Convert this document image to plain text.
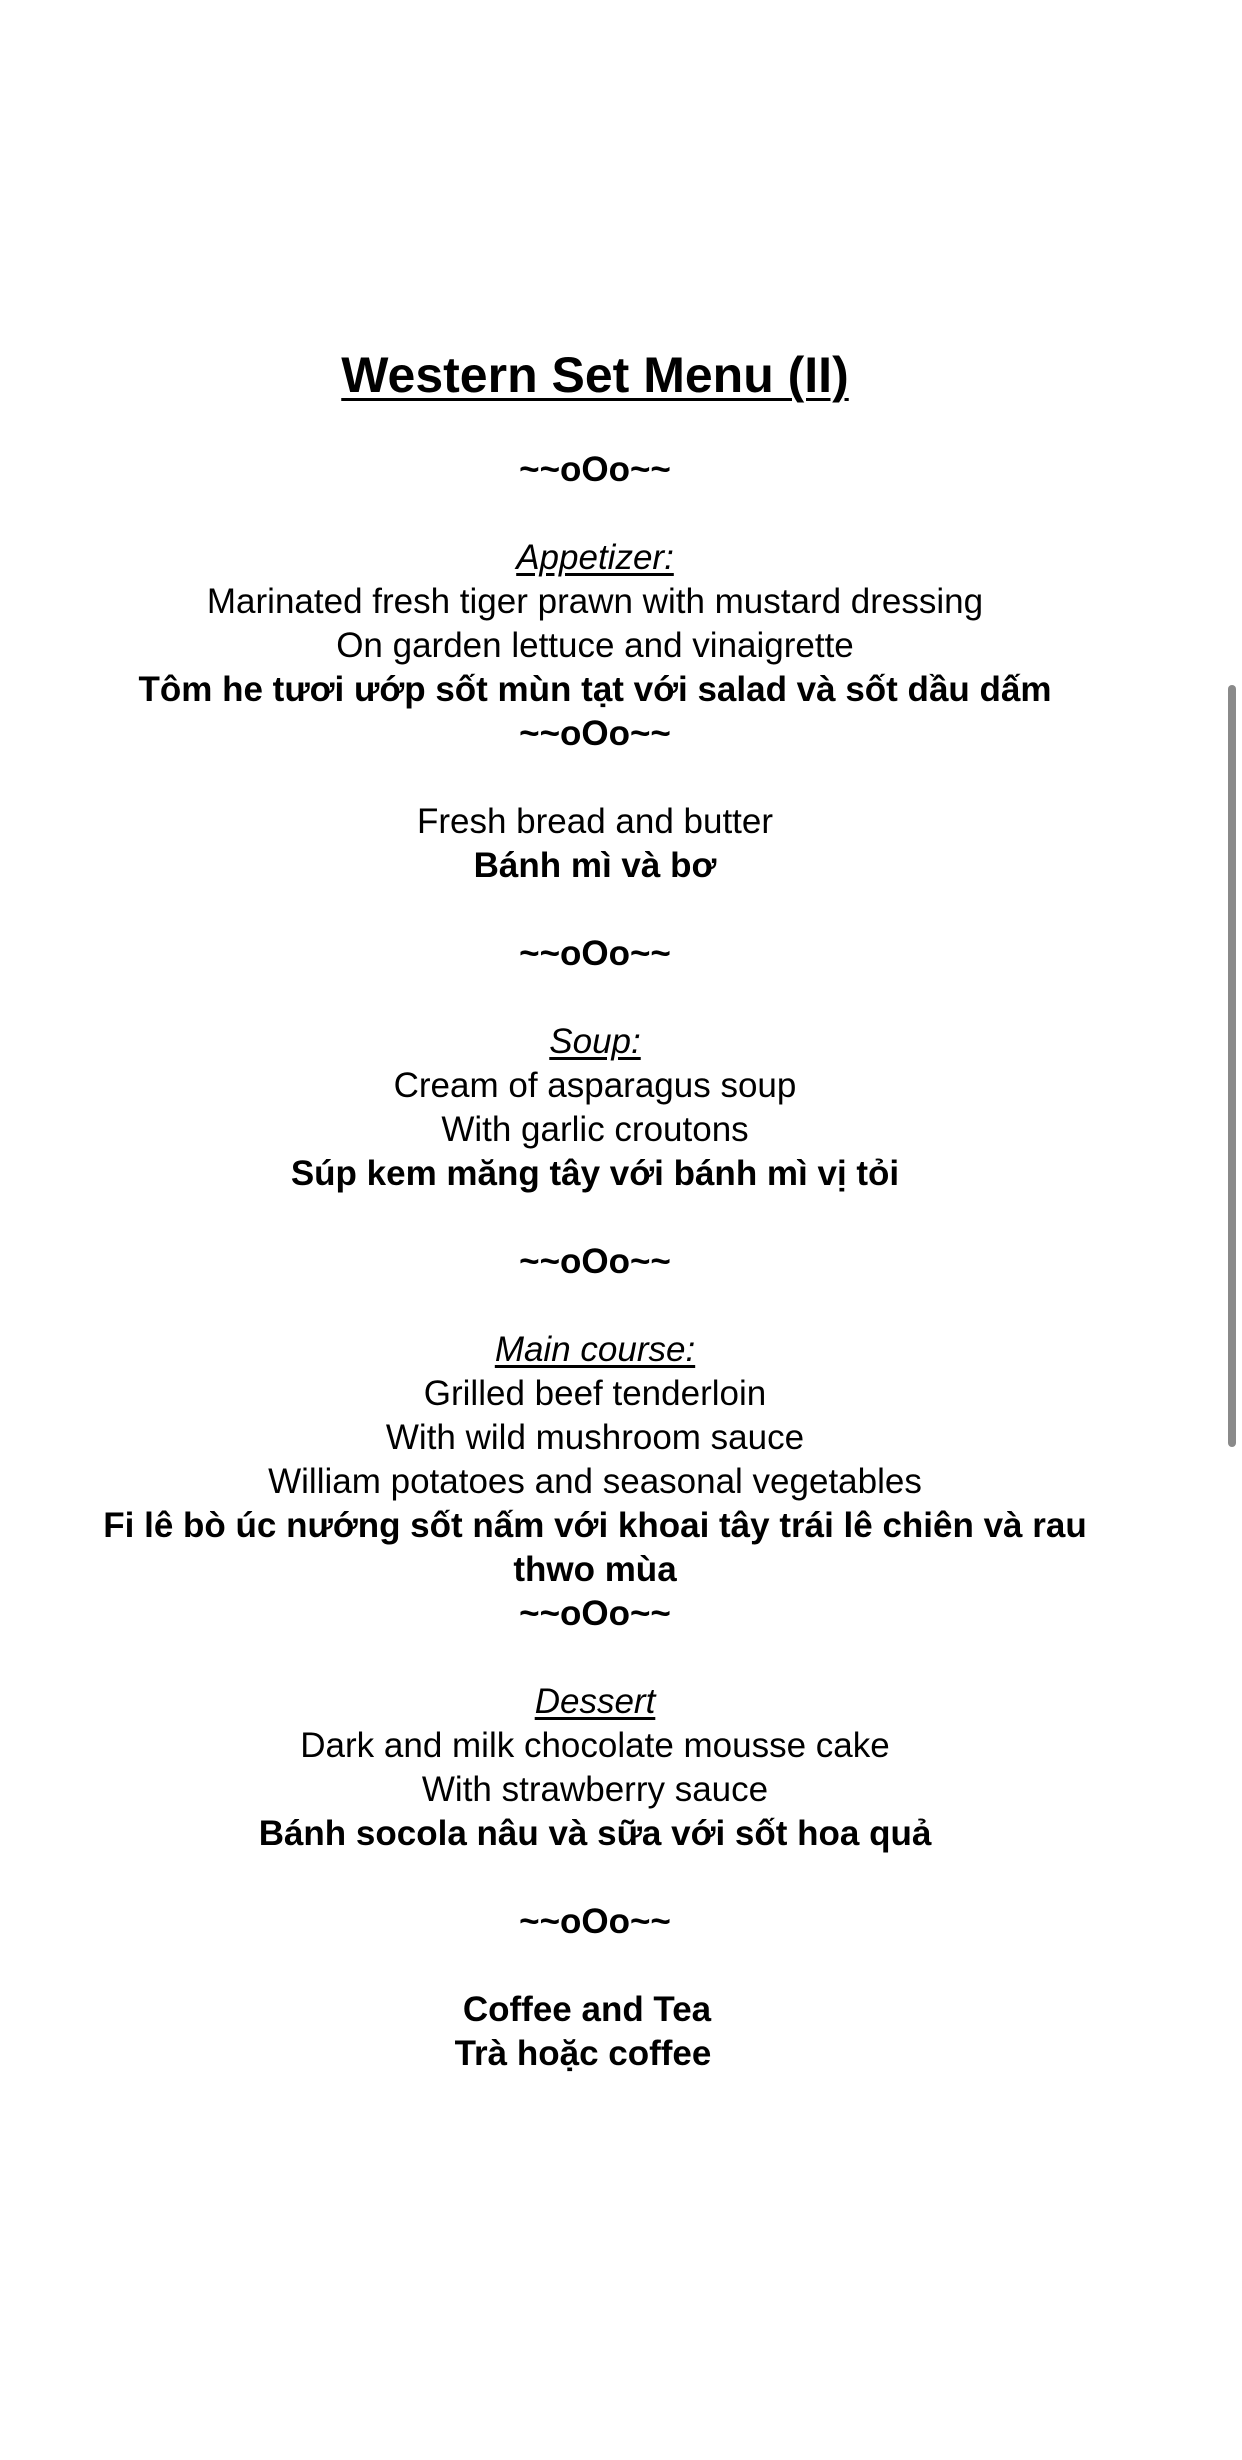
Western Set Menu (II)
~~oOo~~
Appetizer:
Marinated fresh tiger prawn with mustard dressing
On garden lettuce and vinaigrette
Tôm he tươi ướp sốt mùn tạt với salad và sốt dầu dấm
~~oOo~~
Fresh bread and butter
Bánh mì và bơ
~~oOo~~
Soup:
Cream of asparagus soup
With garlic croutons
Súp kem măng tây với bánh mì vị tỏi
~~oOo~~
Main course:
Grilled beef tenderloin
With wild mushroom sauce
William potatoes and seasonal vegetables
Fi lê bò úc nướng sốt nấm với khoai tây trái lê chiên và rau thwo mùa
~~oOo~~
Dessert
Dark and milk chocolate mousse cake
With strawberry sauce
Bánh socola nâu và sữa với sốt hoa quả
~~oOo~~
Coffee and Tea
Trà hoặc coffee
